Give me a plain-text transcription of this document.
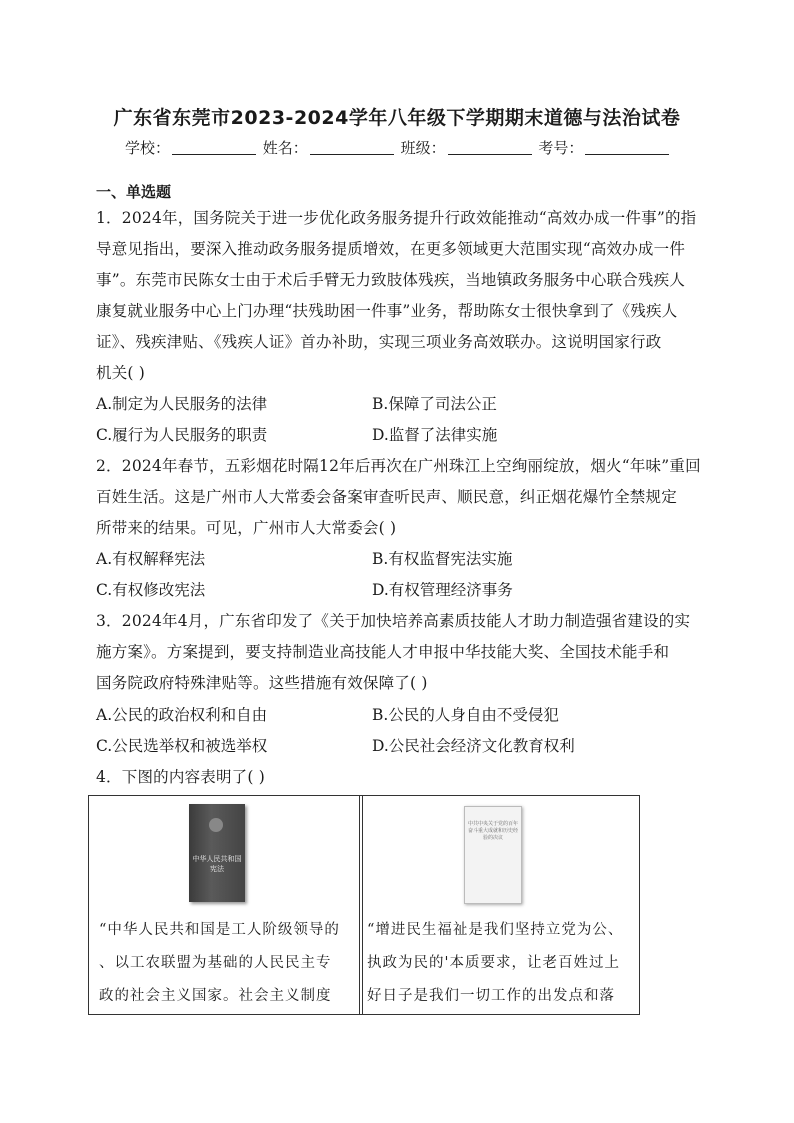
广东省东莞市2023-2024学年八年级下学期期末道德与法治试卷
学校：	姓名：	班级：	考号：
一、单选题
1．2024年，国务院关于进一步优化政务服务提升行政效能推动“高效办成一件事”的指
导意见指出，要深入推动政务服务提质增效，在更多领域更大范围实现“高效办成一件
事”。东莞市民陈女士由于术后手臂无力致肢体残疾，当地镇政务服务中心联合残疾人
康复就业服务中心上门办理“扶残助困一件事”业务，帮助陈女士很快拿到了《残疾人
证》、残疾津贴、《残疾人证》首办补助，实现三项业务高效联办。这说明国家行政
机关( )
A.制定为人民服务的法律	B.保障了司法公正
C.履行为人民服务的职责	D.监督了法律实施
2．2024年春节，五彩烟花时隔12年后再次在广州珠江上空绚丽绽放，烟火“年味”重回
百姓生活。这是广州市人大常委会备案审查听民声、顺民意，纠正烟花爆竹全禁规定
所带来的结果。可见，广州市人大常委会( )
A.有权解释宪法	B.有权监督宪法实施
C.有权修改宪法	D.有权管理经济事务
3．2024年4月，广东省印发了《关于加快培养高素质技能人才助力制造强省建设的实
施方案》。方案提到，要支持制造业高技能人才申报中华技能大奖、全国技术能手和
国务院政府特殊津贴等。这些措施有效保障了( )
A.公民的政治权利和自由	B.公民的人身自由不受侵犯
C.公民选举权和被选举权	D.公民社会经济文化教育权利
4．下图的内容表明了( )
中华人民共和国宪法
“中华人民共和国是工人阶级领导的
、以工农联盟为基础的人民民主专
政的社会主义国家。社会主义制度
中共中央关于党的百年奋斗重大成就和历史经验的决议
“增进民生福祉是我们坚持立党为公、
执政为民的'本质要求，让老百姓过上
好日子是我们一切工作的出发点和落
